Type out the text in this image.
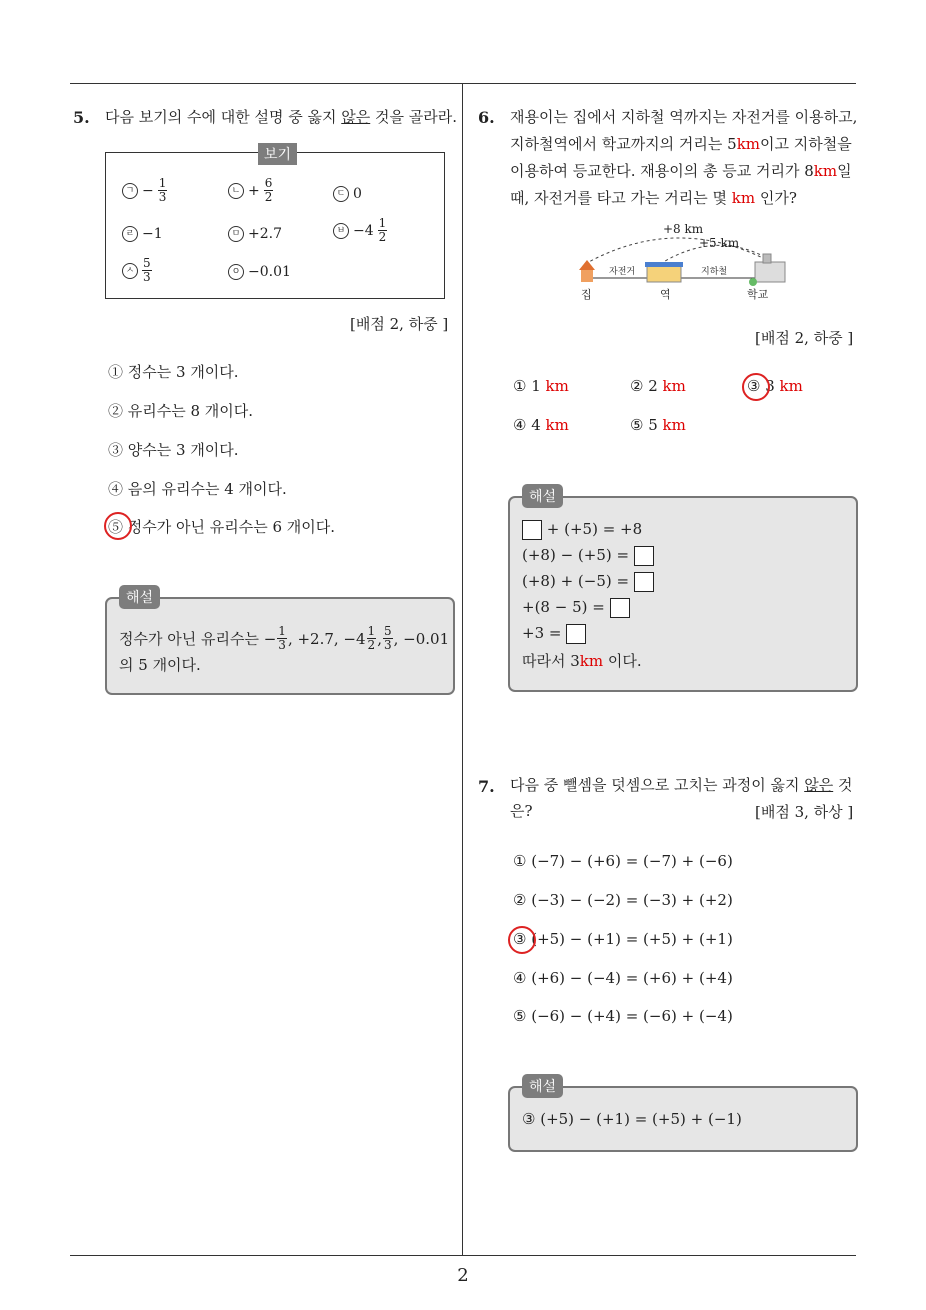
2
5. 다음 보기의 수에 대한 설명 중 옳지 않은 것을 골라라.
보기
ㄱ − $\frac{1}{3}$	ㄴ + $\frac{6}{2}$	ㄷ 0
ㄹ −1	ㅁ +2.7	ㅂ $-4 \frac{1}{2}$
ㅅ $\frac{5}{3}$	ㅇ −0.01
[배점 2, 하중 ]
① 정수는 3 개이다.
② 유리수는 8 개이다.
③ 양수는 3 개이다.
④ 음의 유리수는 4 개이다.
⑤ 정수가 아닌 유리수는 6 개이다.
해설
정수가 아닌 유리수는 − $\frac{1}{3}$ , +2.7, $-4 \frac{1}{2}$ , $\frac{5}{3}$ , −0.01
의 5 개이다.
6. 재용이는 집에서 지하철 역까지는 자전거를 이용하고,
지하철역에서 학교까지의 거리는 5km이고 지하철을
이용하여 등교한다. 재용이의 총 등교 거리가 8km일
때, 자전거를 타고 가는 거리는 몇 km 인가?
+8 km
+5 km
자전거	지하철
집	역	학교
[배점 2, 하중 ]
① 1 km	② 2 km	③ 3 km
④ 4 km	⑤ 5 km
해설
+ (+5) = +8
(+8) − (+5) =
(+8) + (−5) =
+(8 − 5) =
+3 =
따라서 3km 이다.
7. 다음 중 뺄셈을 덧셈으로 고치는 과정이 옳지 않은 것
은?	[배점 3, 하상 ]
① (−7) − (+6) = (−7) + (−6)
② (−3) − (−2) = (−3) + (+2)
③ (+5) − (+1) = (+5) + (+1)
④ (+6) − (−4) = (+6) + (+4)
⑤ (−6) − (+4) = (−6) + (−4)
해설
③ (+5) − (+1) = (+5) + (−1)
